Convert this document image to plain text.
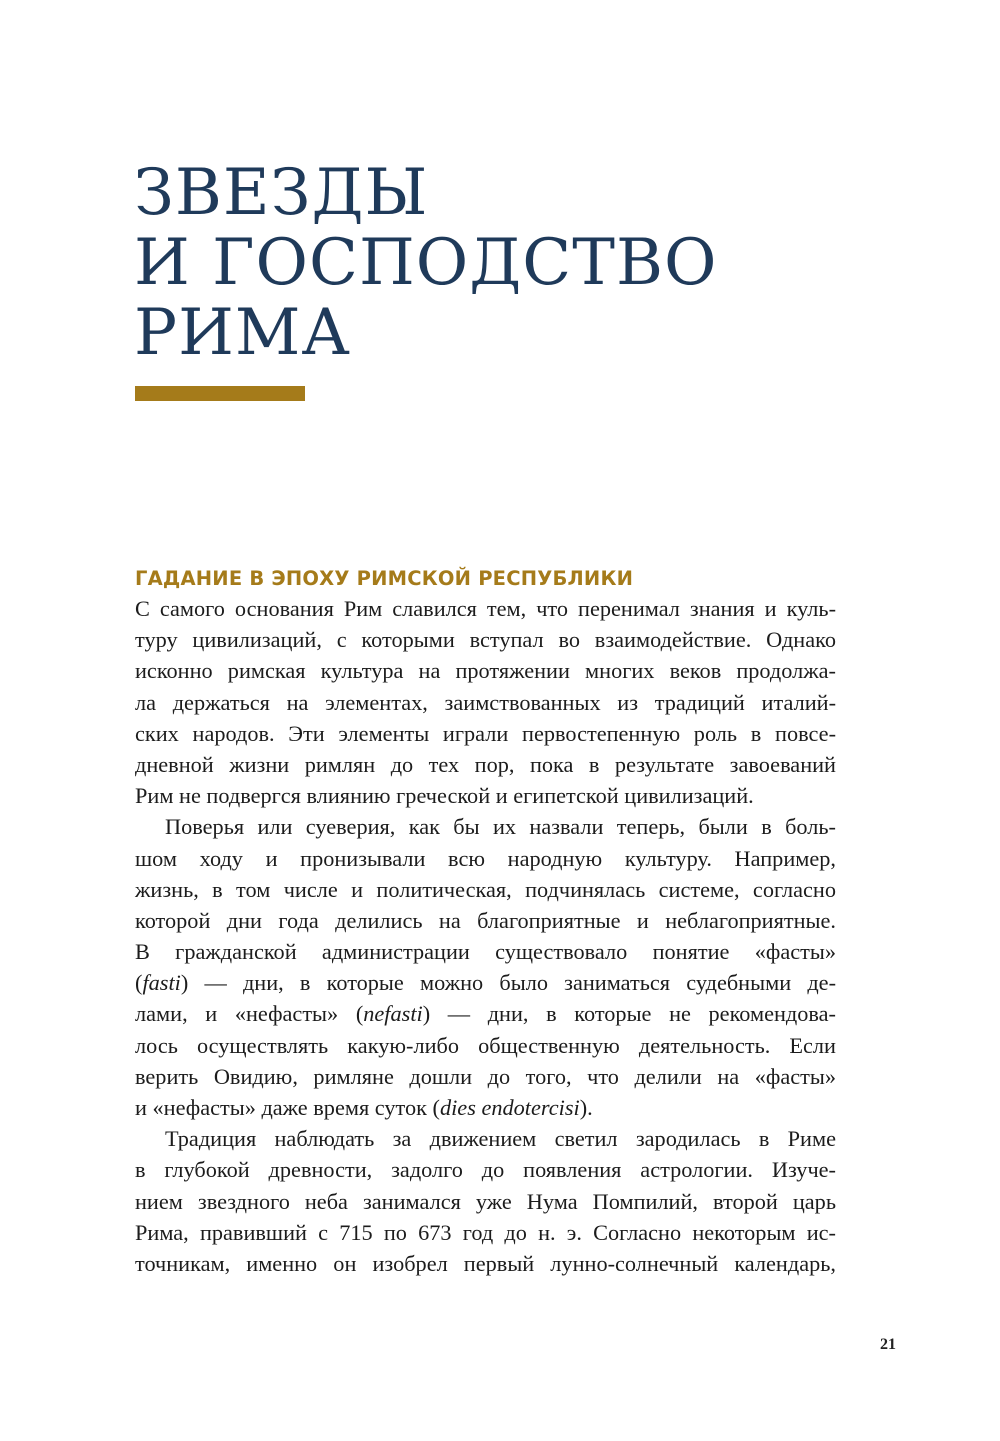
ЗВЕЗДЫ
И ГОСПОДСТВО
РИМА
ГАДАНИЕ В ЭПОХУ РИМСКОЙ РЕСПУБЛИКИ
С самого основания Рим славился тем, что перенимал знания и куль-
туру цивилизаций, с которыми вступал во взаимодействие. Однако
исконно римская культура на протяжении многих веков продолжа-
ла держаться на элементах, заимствованных из традиций италий-
ских народов. Эти элементы играли первостепенную роль в повсе-
дневной жизни римлян до тех пор, пока в результате завоеваний
Рим не подвергся влиянию греческой и египетской цивилизаций.
Поверья или суеверия, как бы их назвали теперь, были в боль-
шом ходу и пронизывали всю народную культуру. Например,
жизнь, в том числе и политическая, подчинялась системе, согласно
которой дни года делились на благоприятные и неблагоприятные.
В гражданской администрации существовало понятие «фасты»
(fasti) — дни, в которые можно было заниматься судебными де-
лами, и «нефасты» (nefasti) — дни, в которые не рекомендова-
лось осуществлять какую-либо общественную деятельность. Если
верить Овидию, римляне дошли до того, что делили на «фасты»
и «нефасты» даже время суток (dies endotercisi).
Традиция наблюдать за движением светил зародилась в Риме
в глубокой древности, задолго до появления астрологии. Изуче-
нием звездного неба занимался уже Нума Помпилий, второй царь
Рима, правивший с 715 по 673 год до н. э. Согласно некоторым ис-
точникам, именно он изобрел первый лунно-солнечный календарь,
21
